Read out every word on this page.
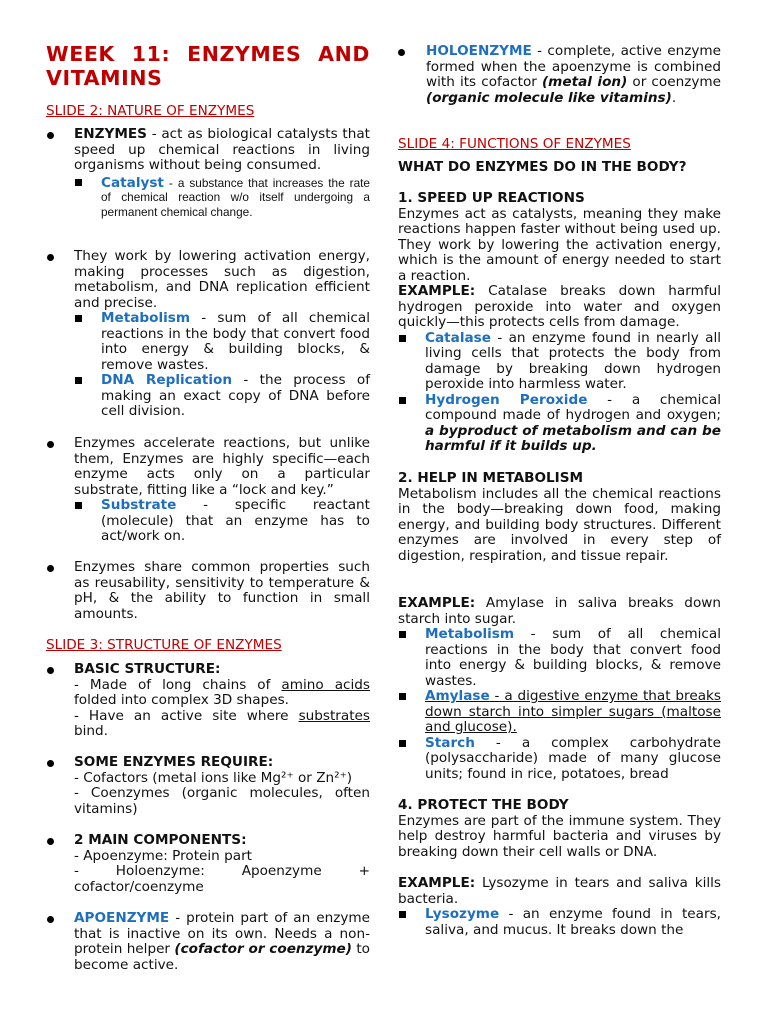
WEEK 11: ENZYMES AND VITAMINS
SLIDE 2: NATURE OF ENZYMES
ENZYMES - act as biological catalysts that speed up chemical reactions in living organisms without being consumed.
Catalyst - a substance that increases the rate of chemical reaction w/o itself undergoing a permanent chemical change.
They work by lowering activation energy, making processes such as digestion, metabolism, and DNA replication efficient and precise.
Metabolism - sum of all chemical reactions in the body that convert food into energy & building blocks, & remove wastes.
DNA Replication - the process of making an exact copy of DNA before cell division.
Enzymes accelerate reactions, but unlike them, Enzymes are highly specific—each enzyme acts only on a particular substrate, fitting like a “lock and key.”
Substrate - specific reactant (molecule) that an enzyme has to act/work on.
Enzymes share common properties such as reusability, sensitivity to temperature & pH, & the ability to function in small amounts.
SLIDE 3: STRUCTURE OF ENZYMES
BASIC STRUCTURE:
- Made of long chains of amino acids folded into complex 3D shapes.
- Have an active site where substrates bind.
SOME ENZYMES REQUIRE:
- Cofactors (metal ions like Mg²⁺ or Zn²⁺)
- Coenzymes (organic molecules, often vitamins)
2 MAIN COMPONENTS:
- Apoenzyme: Protein part
- Holoenzyme: Apoenzyme + cofactor/coenzyme
APOENZYME - protein part of an enzyme that is inactive on its own. Needs a non-protein helper (cofactor or coenzyme) to become active.
HOLOENZYME - complete, active enzyme formed when the apoenzyme is combined with its cofactor (metal ion) or coenzyme (organic molecule like vitamins).
SLIDE 4: FUNCTIONS OF ENZYMES
WHAT DO ENZYMES DO IN THE BODY?
1. SPEED UP REACTIONS
Enzymes act as catalysts, meaning they make reactions happen faster without being used up. They work by lowering the activation energy, which is the amount of energy needed to start a reaction.
EXAMPLE: Catalase breaks down harmful hydrogen peroxide into water and oxygen quickly—this protects cells from damage.
Catalase - an enzyme found in nearly all living cells that protects the body from damage by breaking down hydrogen peroxide into harmless water.
Hydrogen Peroxide - a chemical compound made of hydrogen and oxygen; a byproduct of metabolism and can be harmful if it builds up.
2. HELP IN METABOLISM
Metabolism includes all the chemical reactions in the body—breaking down food, making energy, and building body structures. Different enzymes are involved in every step of digestion, respiration, and tissue repair.
EXAMPLE: Amylase in saliva breaks down starch into sugar.
Metabolism - sum of all chemical reactions in the body that convert food into energy & building blocks, & remove wastes.
Amylase - a digestive enzyme that breaks down starch into simpler sugars (maltose and glucose).
Starch - a complex carbohydrate (polysaccharide) made of many glucose units; found in rice, potatoes, bread
4. PROTECT THE BODY
Enzymes are part of the immune system. They help destroy harmful bacteria and viruses by breaking down their cell walls or DNA.
EXAMPLE: Lysozyme in tears and saliva kills bacteria.
Lysozyme - an enzyme found in tears, saliva, and mucus. It breaks down the
